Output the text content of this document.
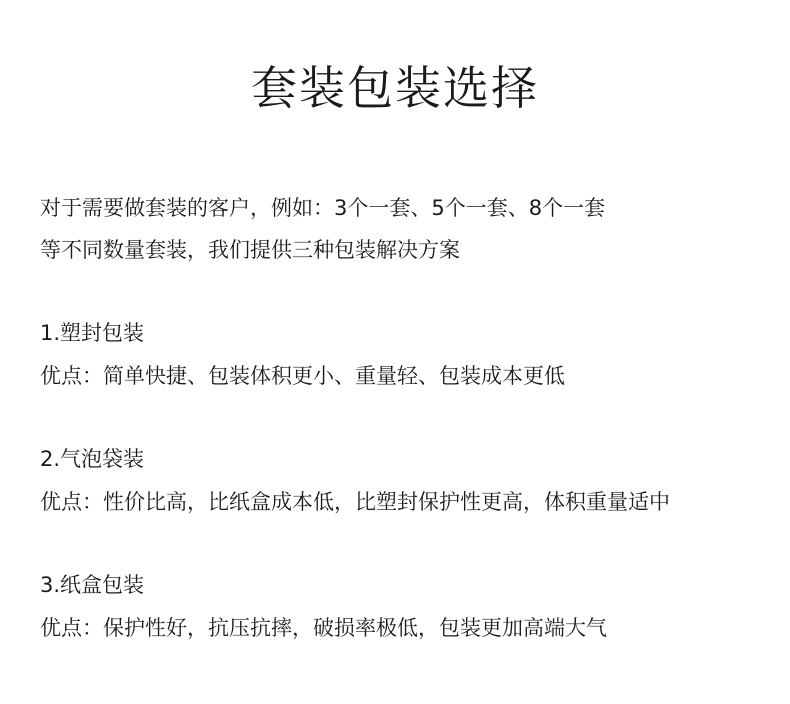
套装包装选择

对于需要做套装的客户，例如：3个一套、5个一套、8个一套

等不同数量套装，我们提供三种包装解决方案

1.塑封包装

优点：简单快捷、包装体积更小、重量轻、包装成本更低

2.气泡袋装

优点：性价比高，比纸盒成本低，比塑封保护性更高，体积重量适中

3.纸盒包装

优点：保护性好，抗压抗摔，破损率极低，包装更加高端大气
